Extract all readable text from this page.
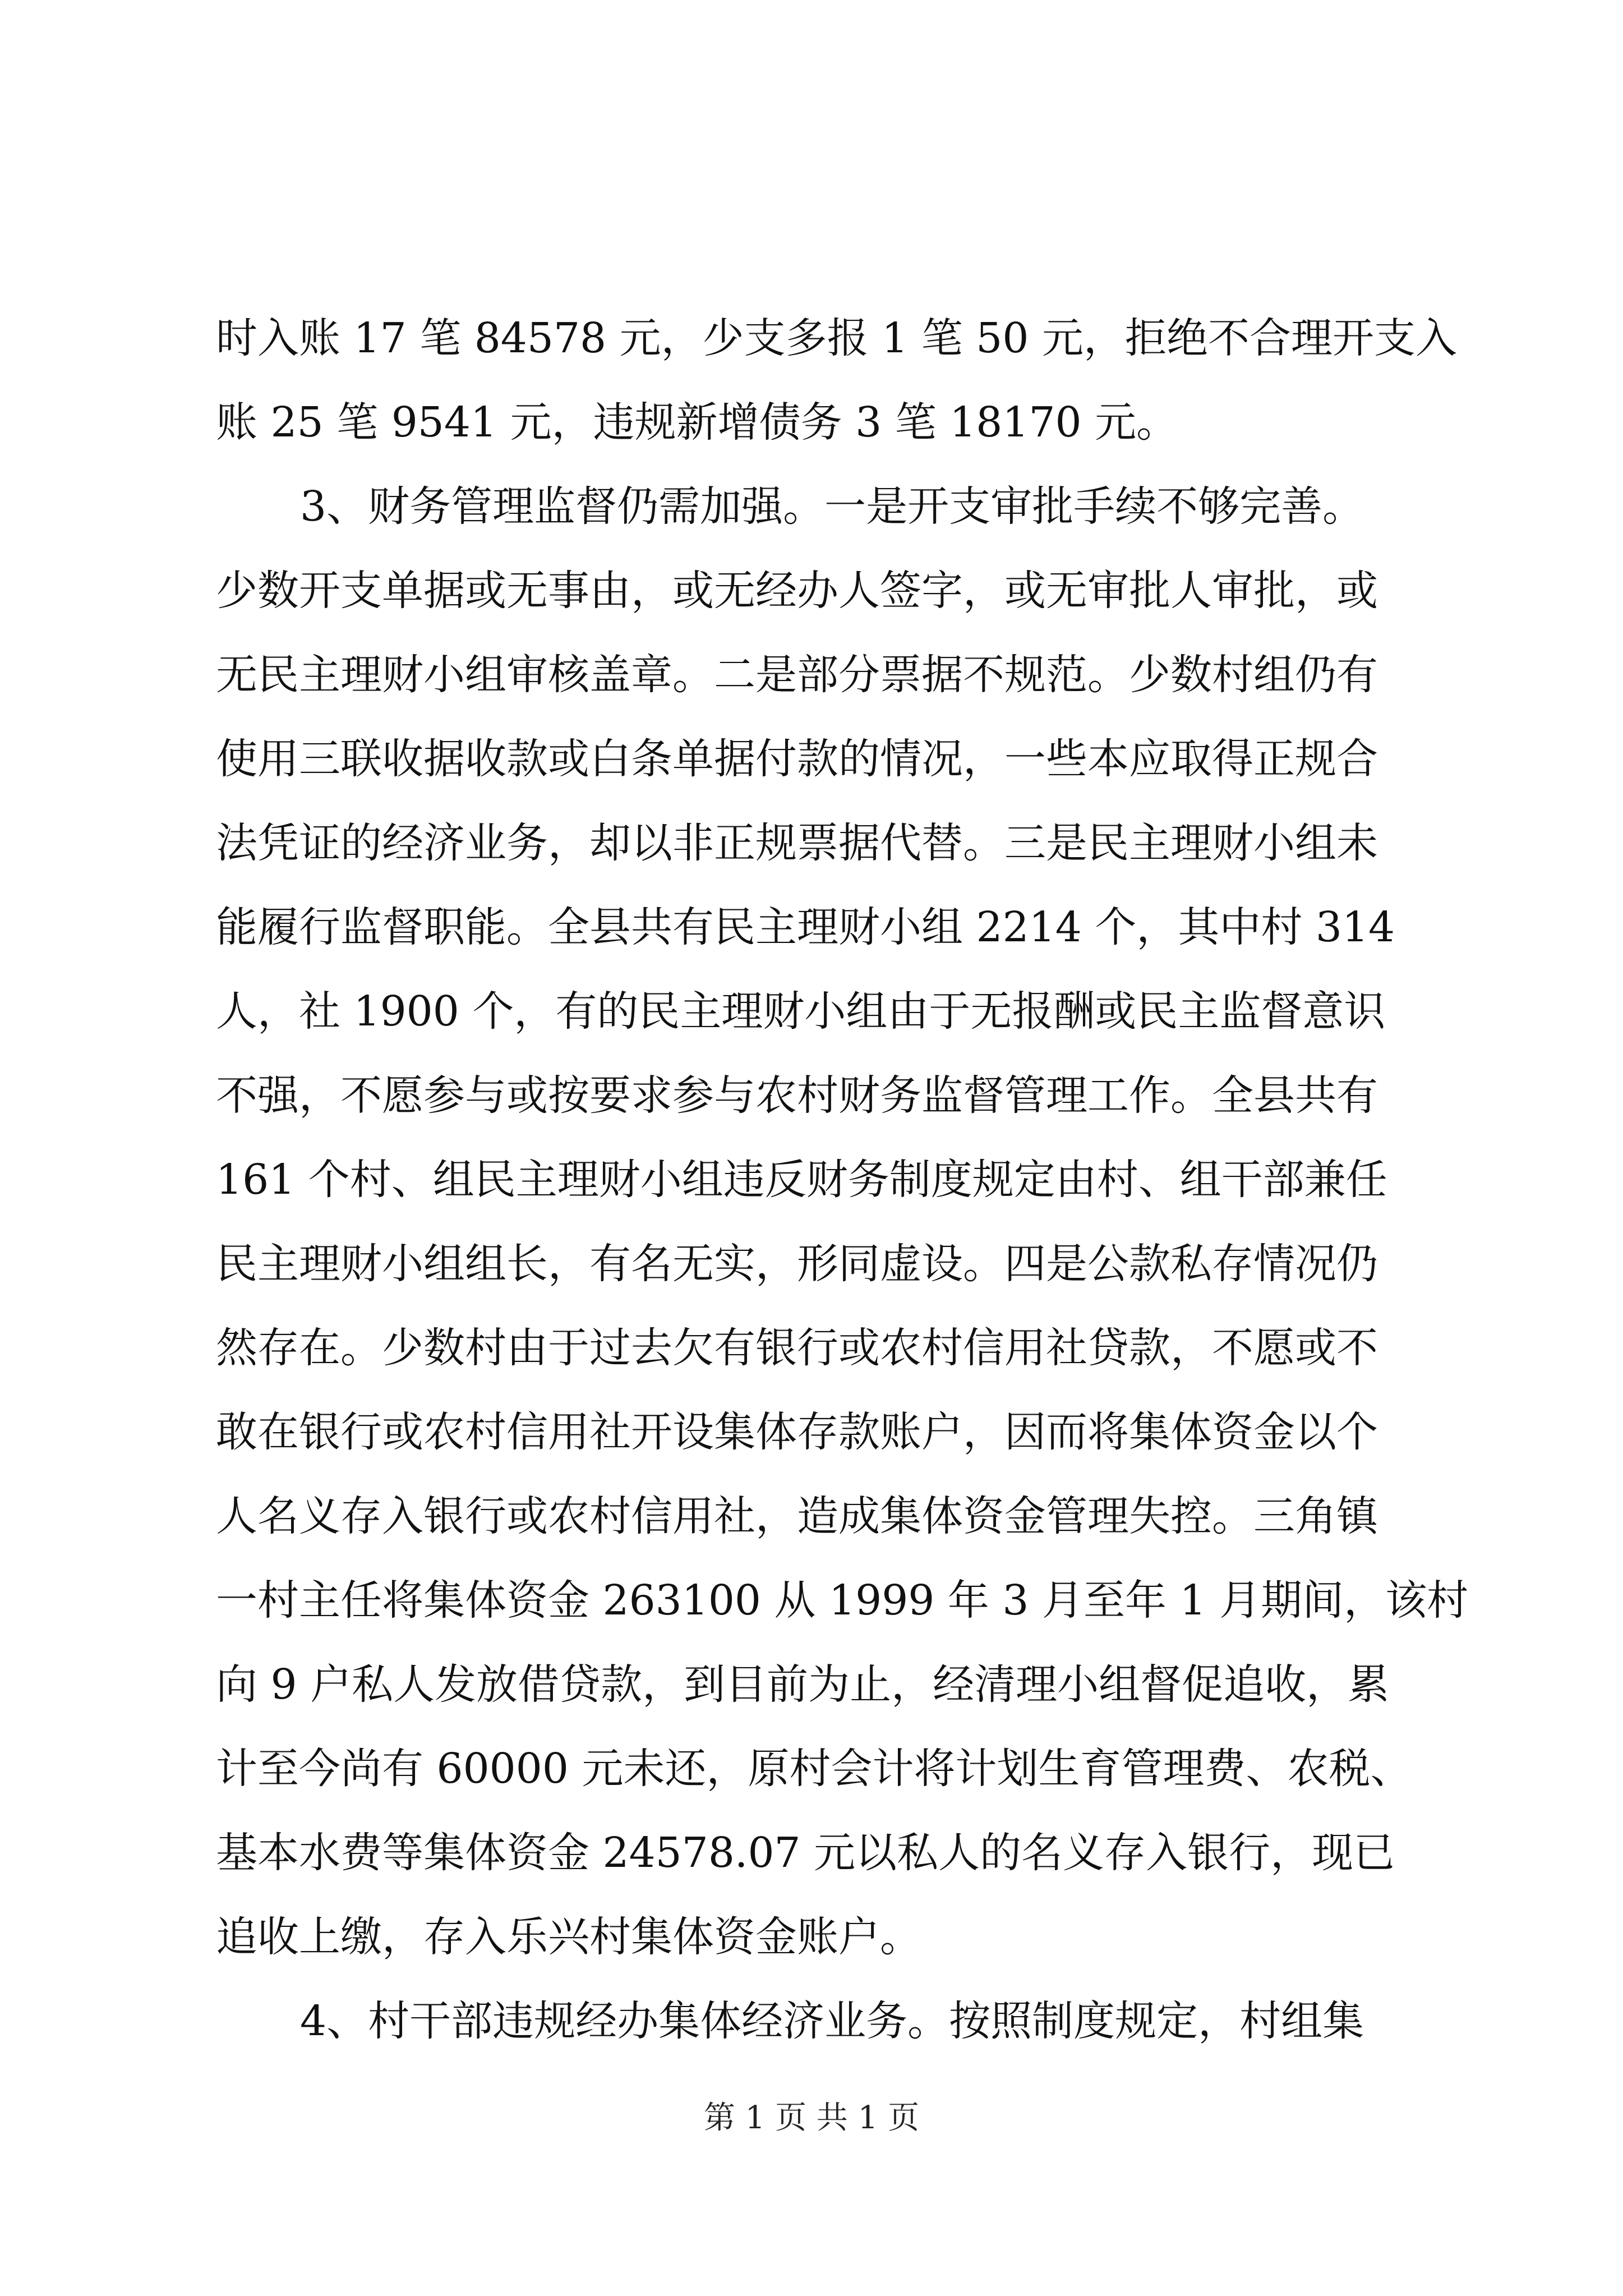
时入账 17 笔 84578 元，少支多报 1 笔 50 元，拒绝不合理开支入
账 25 笔 9541 元，违规新增债务 3 笔 18170 元。
3、财务管理监督仍需加强。一是开支审批手续不够完善。
少数开支单据或无事由，或无经办人签字，或无审批人审批，或
无民主理财小组审核盖章。二是部分票据不规范。少数村组仍有
使用三联收据收款或白条单据付款的情况，一些本应取得正规合
法凭证的经济业务，却以非正规票据代替。三是民主理财小组未
能履行监督职能。全县共有民主理财小组 2214 个，其中村 314
人，社 1900 个，有的民主理财小组由于无报酬或民主监督意识
不强，不愿参与或按要求参与农村财务监督管理工作。全县共有
161 个村、组民主理财小组违反财务制度规定由村、组干部兼任
民主理财小组组长，有名无实，形同虚设。四是公款私存情况仍
然存在。少数村由于过去欠有银行或农村信用社贷款，不愿或不
敢在银行或农村信用社开设集体存款账户，因而将集体资金以个
人名义存入银行或农村信用社，造成集体资金管理失控。三角镇
一村主任将集体资金 263100 从 1999 年 3 月至年 1 月期间，该村
向 9 户私人发放借贷款，到目前为止，经清理小组督促追收，累
计至今尚有 60000 元未还，原村会计将计划生育管理费、农税、
基本水费等集体资金 24578.07 元以私人的名义存入银行，现已
追收上缴，存入乐兴村集体资金账户。
4、村干部违规经办集体经济业务。按照制度规定，村组集
第 1 页 共 1 页
